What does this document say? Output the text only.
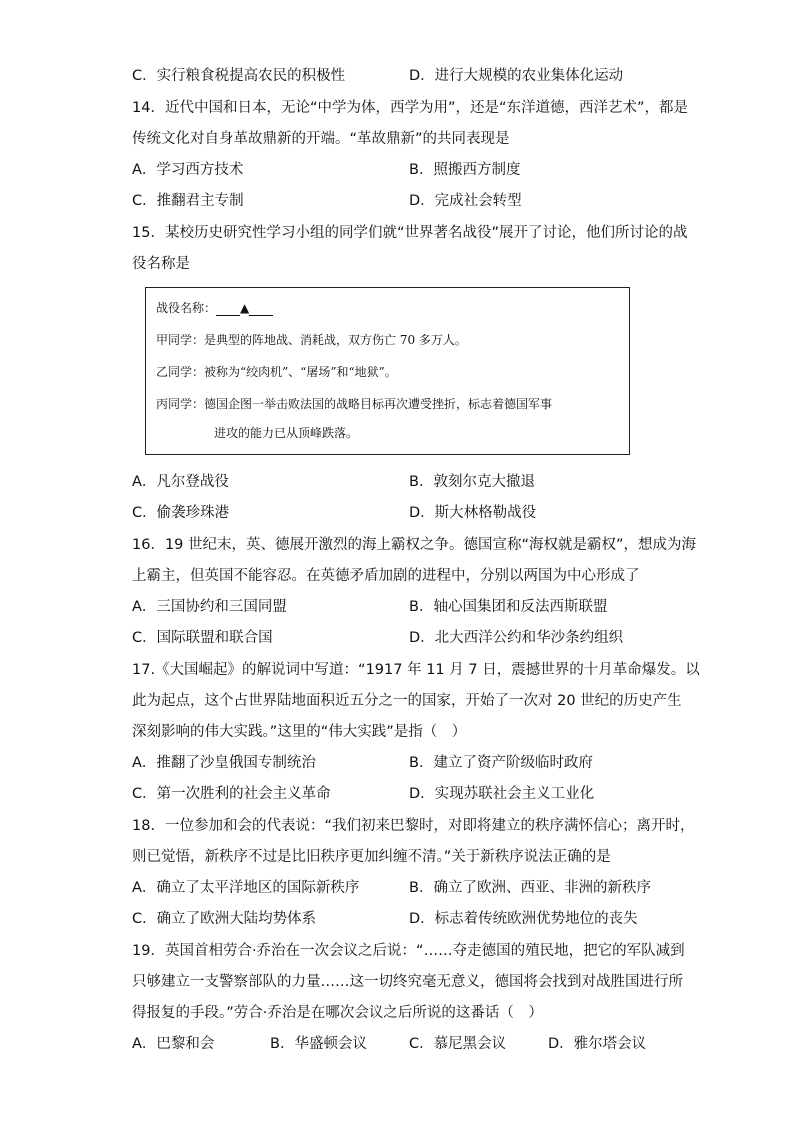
C．实行粮食税提高农民的积极性	D．进行大规模的农业集体化运动
14．近代中国和日本，无论“中学为体，西学为用”，还是“东洋道德，西洋艺术”，都是
传统文化对自身革故鼎新的开端。“革故鼎新”的共同表现是
A．学习西方技术	B．照搬西方制度
C．推翻君主专制	D．完成社会转型
15．某校历史研究性学习小组的同学们就“世界著名战役”展开了讨论，他们所讨论的战
役名称是
战役名称： ▲
甲同学：是典型的阵地战、消耗战，双方伤亡 70 多万人。
乙同学：被称为“绞肉机”、“屠场”和“地狱”。
丙同学：德国企图一举击败法国的战略目标再次遭受挫折，标志着德国军事
进攻的能力已从顶峰跌落。
A．凡尔登战役	B．敦刻尔克大撤退
C．偷袭珍珠港	D．斯大林格勒战役
16．19 世纪末，英、德展开激烈的海上霸权之争。德国宣称“海权就是霸权”，想成为海
上霸主，但英国不能容忍。在英德矛盾加剧的进程中，分别以两国为中心形成了
A．三国协约和三国同盟	B．轴心国集团和反法西斯联盟
C．国际联盟和联合国	D．北大西洋公约和华沙条约组织
17.《大国崛起》的解说词中写道：“1917 年 11 月 7 日，震撼世界的十月革命爆发。以
此为起点，这个占世界陆地面积近五分之一的国家，开始了一次对 20 世纪的历史产生
深刻影响的伟大实践。”这里的“伟大实践”是指（　）
A．推翻了沙皇俄国专制统治	B．建立了资产阶级临时政府
C．第一次胜利的社会主义革命	D．实现苏联社会主义工业化
18．一位参加和会的代表说：“我们初来巴黎时，对即将建立的秩序满怀信心；离开时，
则已觉悟，新秩序不过是比旧秩序更加纠缠不清。”关于新秩序说法正确的是
A．确立了太平洋地区的国际新秩序	B．确立了欧洲、西亚、非洲的新秩序
C．确立了欧洲大陆均势体系	D．标志着传统欧洲优势地位的丧失
19．英国首相劳合·乔治在一次会议之后说：“……夺走德国的殖民地，把它的军队减到
只够建立一支警察部队的力量……这一切终究毫无意义，德国将会找到对战胜国进行所
得报复的手段。”劳合·乔治是在哪次会议之后所说的这番话（　）
A．巴黎和会	B．华盛顿会议	C．慕尼黑会议	D．雅尔塔会议
